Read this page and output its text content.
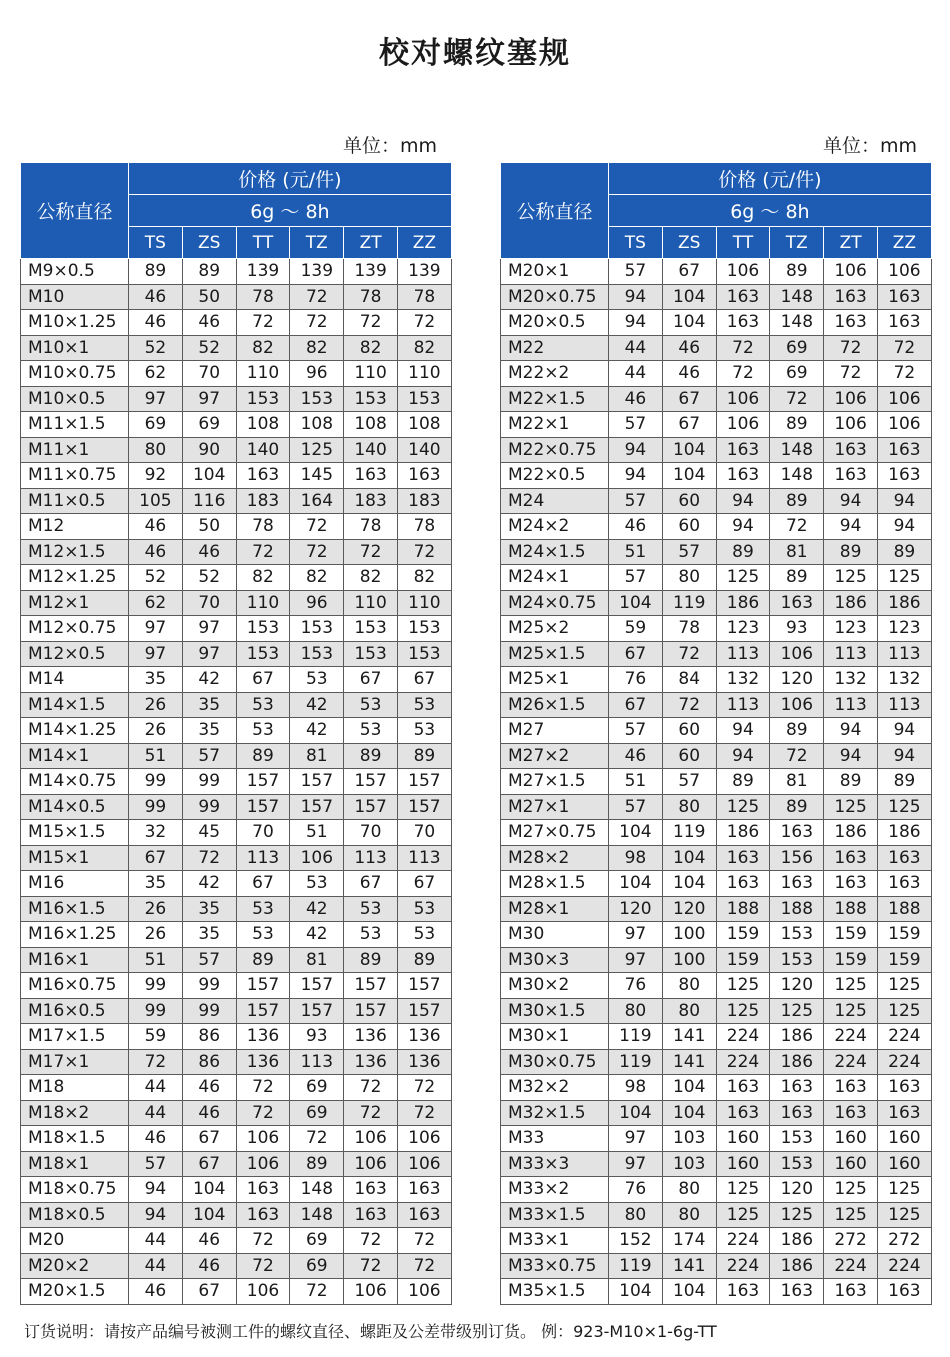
校对螺纹塞规
单位：mm	单位：mm
公称直径	价格 (元/件)					
	6g ～ 8h					
	TS	ZS	TT	TZ	ZT	ZZ
M9×0.5	89	89	139	139	139	139
M10	46	50	78	72	78	78
M10×1.25	46	46	72	72	72	72
M10×1	52	52	82	82	82	82
M10×0.75	62	70	110	96	110	110
M10×0.5	97	97	153	153	153	153
M11×1.5	69	69	108	108	108	108
M11×1	80	90	140	125	140	140
M11×0.75	92	104	163	145	163	163
M11×0.5	105	116	183	164	183	183
M12	46	50	78	72	78	78
M12×1.5	46	46	72	72	72	72
M12×1.25	52	52	82	82	82	82
M12×1	62	70	110	96	110	110
M12×0.75	97	97	153	153	153	153
M12×0.5	97	97	153	153	153	153
M14	35	42	67	53	67	67
M14×1.5	26	35	53	42	53	53
M14×1.25	26	35	53	42	53	53
M14×1	51	57	89	81	89	89
M14×0.75	99	99	157	157	157	157
M14×0.5	99	99	157	157	157	157
M15×1.5	32	45	70	51	70	70
M15×1	67	72	113	106	113	113
M16	35	42	67	53	67	67
M16×1.5	26	35	53	42	53	53
M16×1.25	26	35	53	42	53	53
M16×1	51	57	89	81	89	89
M16×0.75	99	99	157	157	157	157
M16×0.5	99	99	157	157	157	157
M17×1.5	59	86	136	93	136	136
M17×1	72	86	136	113	136	136
M18	44	46	72	69	72	72
M18×2	44	46	72	69	72	72
M18×1.5	46	67	106	72	106	106
M18×1	57	67	106	89	106	106
M18×0.75	94	104	163	148	163	163
M18×0.5	94	104	163	148	163	163
M20	44	46	72	69	72	72
M20×2	44	46	72	69	72	72
M20×1.5	46	67	106	72	106	106
公称直径	价格 (元/件)					
	6g ～ 8h					
	TS	ZS	TT	TZ	ZT	ZZ
M20×1	57	67	106	89	106	106
M20×0.75	94	104	163	148	163	163
M20×0.5	94	104	163	148	163	163
M22	44	46	72	69	72	72
M22×2	44	46	72	69	72	72
M22×1.5	46	67	106	72	106	106
M22×1	57	67	106	89	106	106
M22×0.75	94	104	163	148	163	163
M22×0.5	94	104	163	148	163	163
M24	57	60	94	89	94	94
M24×2	46	60	94	72	94	94
M24×1.5	51	57	89	81	89	89
M24×1	57	80	125	89	125	125
M24×0.75	104	119	186	163	186	186
M25×2	59	78	123	93	123	123
M25×1.5	67	72	113	106	113	113
M25×1	76	84	132	120	132	132
M26×1.5	67	72	113	106	113	113
M27	57	60	94	89	94	94
M27×2	46	60	94	72	94	94
M27×1.5	51	57	89	81	89	89
M27×1	57	80	125	89	125	125
M27×0.75	104	119	186	163	186	186
M28×2	98	104	163	156	163	163
M28×1.5	104	104	163	163	163	163
M28×1	120	120	188	188	188	188
M30	97	100	159	153	159	159
M30×3	97	100	159	153	159	159
M30×2	76	80	125	120	125	125
M30×1.5	80	80	125	125	125	125
M30×1	119	141	224	186	224	224
M30×0.75	119	141	224	186	224	224
M32×2	98	104	163	163	163	163
M32×1.5	104	104	163	163	163	163
M33	97	103	160	153	160	160
M33×3	97	103	160	153	160	160
M33×2	76	80	125	120	125	125
M33×1.5	80	80	125	125	125	125
M33×1	152	174	224	186	272	272
M33×0.75	119	141	224	186	224	224
M35×1.5	104	104	163	163	163	163
订货说明：请按产品编号被测工件的螺纹直径、螺距及公差带级别订货。 例：923-M10×1-6g-TT
